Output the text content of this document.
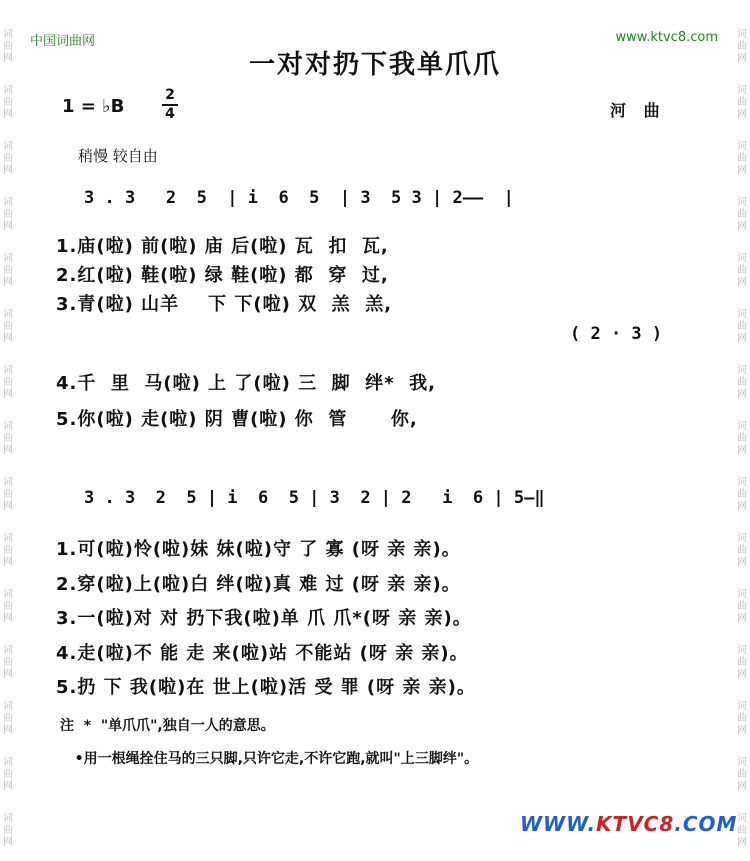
中国词曲网	www.ktvc8.com
词
曲
网
词
曲
网
词
曲
网
词
曲
网
词
曲
网
词
曲
网
词
曲
网
词
曲
网
词
曲
网
词
曲
网
词
曲
网
词
曲
网
词
曲
网
词
曲
网
词
曲
网
词
曲
网
词
曲
网
词
曲
网
词
曲
网
词
曲
网
词
曲
网
词
曲
网
词
曲
网
词
曲
网
词
曲
网
词
曲
网
词
曲
网
词
曲
网
词
曲
网
词
曲
网
一对对扔下我单爪爪
1 = ♭B
2
4	河 曲
稍慢 较自由
3 . 3   2  5  | i  6  5  | 3  5 3 | 2——  |
1.庙(啦) 前(啦) 庙 后(啦) 瓦  扣  瓦,
2.红(啦) 鞋(啦) 绿 鞋(啦) 都  穿  过,
3.青(啦) 山羊    下 下(啦) 双  羔  羔,
( 2 · 3 )
4.千  里  马(啦) 上 了(啦) 三  脚  绊*  我,
5.你(啦) 走(啦) 阴 曹(啦) 你  管      你,
3 . 3  2  5 | i  6  5 | 3  2 | 2   i  6 | 5—‖
1.可(啦)怜(啦)妹 妹(啦)守 了 寡 (呀 亲 亲)。
2.穿(啦)上(啦)白 绊(啦)真 难 过 (呀 亲 亲)。
3.一(啦)对 对 扔下我(啦)单 爪 爪*(呀 亲 亲)。
4.走(啦)不 能 走 来(啦)站 不能站 (呀 亲 亲)。
5.扔 下 我(啦)在 世上(啦)活 受 罪 (呀 亲 亲)。
注  *  "单爪爪",独自一人的意思。
•用一根绳拴住马的三只脚,只许它走,不许它跑,就叫"上三脚绊"。
WWW.KTVC8.COM
